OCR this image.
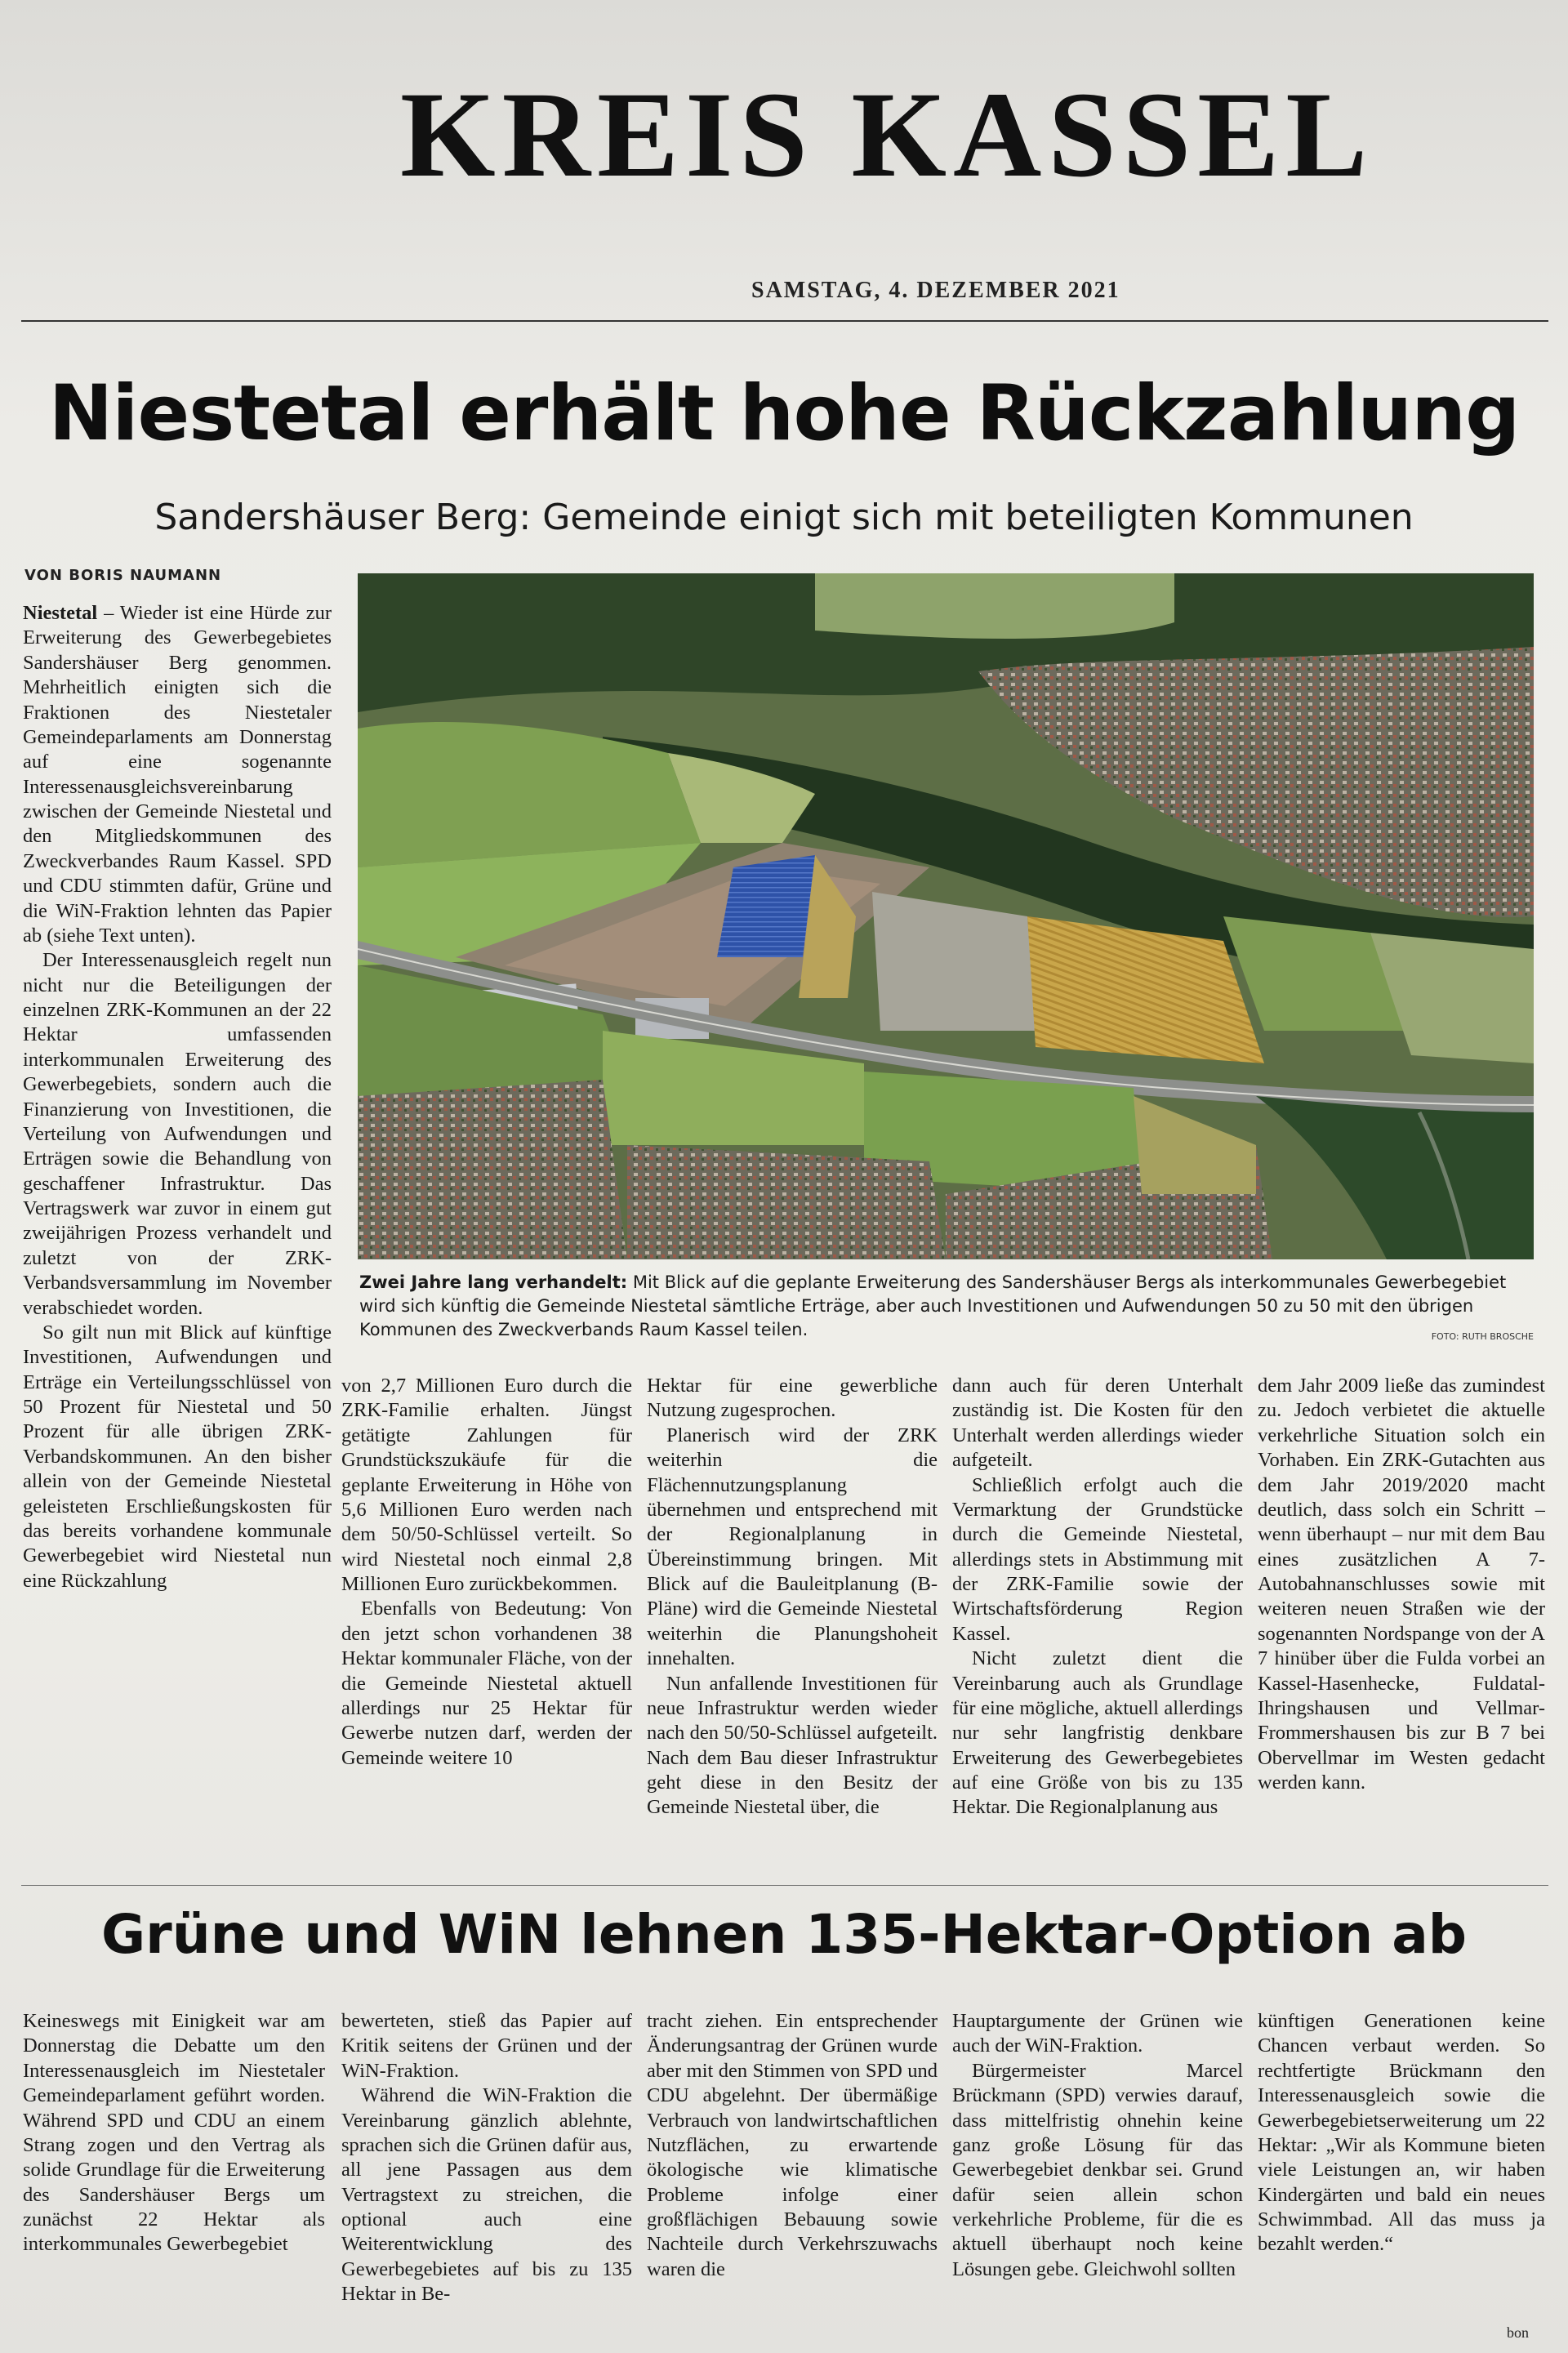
KREIS KASSEL
SAMSTAG, 4. DEZEMBER 2021
Niestetal erhält hohe Rückzahlung
Sandershäuser Berg: Gemeinde einigt sich mit beteiligten Kommunen
VON BORIS NAUMANN

Niestetal – Wieder ist eine Hürde zur Erweiterung des Gewerbegebietes Sandershäuser Berg genommen. Mehrheitlich einigten sich die Fraktionen des Niestetaler Gemeindeparlaments am Donnerstag auf eine sogenannte Interessenausgleichsvereinbarung zwischen der Gemeinde Niestetal und den Mitgliedskommunen des Zweckverbandes Raum Kassel. SPD und CDU stimmten dafür, Grüne und die WiN-Fraktion lehnten das Papier ab (siehe Text unten).

Der Interessenausgleich regelt nun nicht nur die Beteiligungen der einzelnen ZRK-Kommunen an der 22 Hektar umfassenden interkommunalen Erweiterung des Gewerbegebiets, sondern auch die Finanzierung von Investitionen, die Verteilung von Aufwendungen und Erträgen sowie die Behandlung von geschaffener Infrastruktur. Das Vertragswerk war zuvor in einem gut zweijährigen Prozess verhandelt und zuletzt von der ZRK-Verbandsversammlung im November verabschiedet worden.

So gilt nun mit Blick auf künftige Investitionen, Aufwendungen und Erträge ein Verteilungsschlüssel von 50 Prozent für Niestetal und 50 Prozent für alle übrigen ZRK-Verbandskommunen. An den bisher allein von der Gemeinde Niestetal geleisteten Erschließungskosten für das bereits vorhandene kommunale Gewerbegebiet wird Niestetal nun eine Rückzahlung

Zwei Jahre lang verhandelt: Mit Blick auf die geplante Erweiterung des Sandershäuser Bergs als interkommunales Gewerbegebiet wird sich künftig die Gemeinde Niestetal sämtliche Erträge, aber auch Investitionen und Aufwendungen 50 zu 50 mit den übrigen Kommunen des Zweckverbands Raum Kassel teilen.	FOTO: RUTH BROSCHE

von 2,7 Millionen Euro durch die ZRK-Familie erhalten. Jüngst getätigte Zahlungen für Grundstückszukäufe für die geplante Erweiterung in Höhe von 5,6 Millionen Euro werden nach dem 50/50-Schlüssel verteilt. So wird Niestetal noch einmal 2,8 Millionen Euro zurückbekommen.

Ebenfalls von Bedeutung: Von den jetzt schon vorhandenen 38 Hektar kommunaler Fläche, von der die Gemeinde Niestetal aktuell allerdings nur 25 Hektar für Gewerbe nutzen darf, werden der Gemeinde weitere 10

Hektar für eine gewerbliche Nutzung zugesprochen.

Planerisch wird der ZRK weiterhin die Flächennutzungsplanung übernehmen und entsprechend mit der Regionalplanung in Übereinstimmung bringen. Mit Blick auf die Bauleitplanung (B-Pläne) wird die Gemeinde Niestetal weiterhin die Planungshoheit innehalten.

Nun anfallende Investitionen für neue Infrastruktur werden wieder nach den 50/50-Schlüssel aufgeteilt. Nach dem Bau dieser Infrastruktur geht diese in den Besitz der Gemeinde Niestetal über, die

dann auch für deren Unterhalt zuständig ist. Die Kosten für den Unterhalt werden allerdings wieder aufgeteilt.

Schließlich erfolgt auch die Vermarktung der Grundstücke durch die Gemeinde Niestetal, allerdings stets in Abstimmung mit der ZRK-Familie sowie der Wirtschaftsförderung Region Kassel.

Nicht zuletzt dient die Vereinbarung auch als Grundlage für eine mögliche, aktuell allerdings nur sehr langfristig denkbare Erweiterung des Gewerbegebietes auf eine Größe von bis zu 135 Hektar. Die Regionalplanung aus

dem Jahr 2009 ließe das zumindest zu. Jedoch verbietet die aktuelle verkehrliche Situation solch ein Vorhaben. Ein ZRK-Gutachten aus dem Jahr 2019/2020 macht deutlich, dass solch ein Schritt – wenn überhaupt – nur mit dem Bau eines zusätzlichen A 7-Autobahnanschlusses sowie mit weiteren neuen Straßen wie der sogenannten Nordspange von der A 7 hinüber über die Fulda vorbei an Kassel-Hasenhecke, Fuldatal-Ihringshausen und Vellmar-Frommershausen bis zur B 7 bei Obervellmar im Westen gedacht werden kann.

Grüne und WiN lehnen 135-Hektar-Option ab

Keineswegs mit Einigkeit war am Donnerstag die Debatte um den Interessenausgleich im Niestetaler Gemeindeparlament geführt worden. Während SPD und CDU an einem Strang zogen und den Vertrag als solide Grundlage für die Erweiterung des Sandershäuser Bergs um zunächst 22 Hektar als interkommunales Gewerbegebiet

bewerteten, stieß das Papier auf Kritik seitens der Grünen und der WiN-Fraktion.

Während die WiN-Fraktion die Vereinbarung gänzlich ablehnte, sprachen sich die Grünen dafür aus, all jene Passagen aus dem Vertragstext zu streichen, die optional auch eine Weiterentwicklung des Gewerbegebietes auf bis zu 135 Hektar in Be-

tracht ziehen. Ein entsprechender Änderungsantrag der Grünen wurde aber mit den Stimmen von SPD und CDU abgelehnt. Der übermäßige Verbrauch von landwirtschaftlichen Nutzflächen, zu erwartende ökologische wie klimatische Probleme infolge einer großflächigen Bebauung sowie Nachteile durch Verkehrszuwachs waren die

Hauptargumente der Grünen wie auch der WiN-Fraktion.

Bürgermeister Marcel Brückmann (SPD) verwies darauf, dass mittelfristig ohnehin keine ganz große Lösung für das Gewerbegebiet denkbar sei. Grund dafür seien allein schon verkehrliche Probleme, für die es aktuell überhaupt noch keine Lösungen gebe. Gleichwohl sollten

künftigen Generationen keine Chancen verbaut werden. So rechtfertigte Brückmann den Interessenausgleich sowie die Gewerbegebietserweiterung um 22 Hektar: „Wir als Kommune bieten viele Leistungen an, wir haben Kindergärten und bald ein neues Schwimmbad. All das muss ja bezahlt werden.“

bon
